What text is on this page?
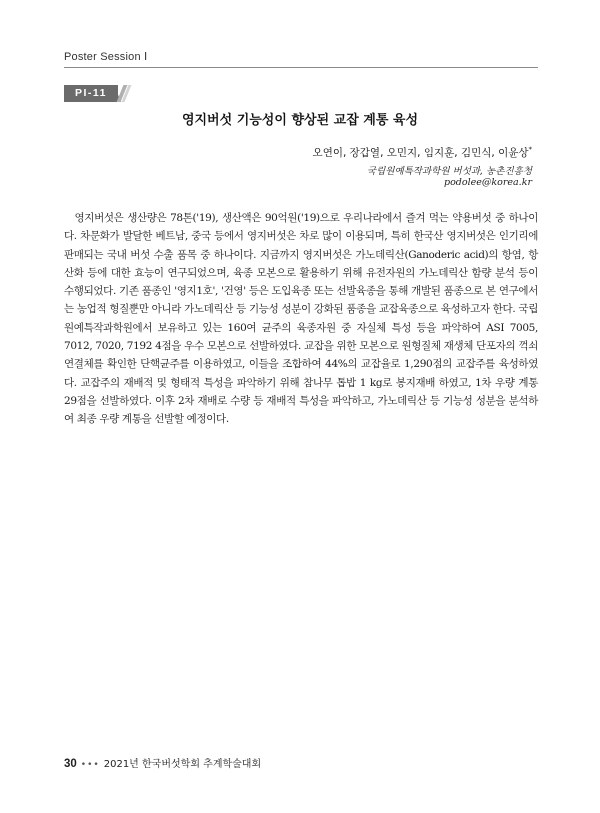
Poster Session Ⅰ
PI-11
영지버섯 기능성이 향상된 교잡 계통 육성
오연이, 장갑열, 오민지, 임지훈, 김민식, 이윤상*
국립원예특작과학원 버섯과, 농촌진흥청
podolee@korea.kr

영지버섯은 생산량은 78톤('19), 생산액은 90억원('19)으로 우리나라에서 즐겨 먹는 약용버섯 중 하나이다. 차문화가 발달한 베트남, 중국 등에서 영지버섯은 차로 많이 이용되며, 특히 한국산 영지버섯은 인기리에 판매되는 국내 버섯 수출 품목 중 하나이다. 지금까지 영지버섯은 가노데릭산(Ganoderic acid)의 항염, 항산화 등에 대한 효능이 연구되었으며, 육종 모본으로 활용하기 위해 유전자원의 가노데릭산 함량 분석 등이 수행되었다. 기존 품종인 '영지1호', '건영' 등은 도입육종 또는 선발육종을 통해 개발된 품종으로 본 연구에서는 농업적 형질뿐만 아니라 가노데릭산 등 기능성 성분이 강화된 품종을 교잡육종으로 육성하고자 한다. 국립원예특작과학원에서 보유하고 있는 160여 균주의 육종자원 중 자실체 특성 등을 파악하여 ASI 7005, 7012, 7020, 7192 4점을 우수 모본으로 선발하였다. 교잡을 위한 모본으로 원형질체 재생체 단포자의 꺽쇠연결체를 확인한 단핵균주를 이용하였고, 이들을 조합하여 44%의 교잡율로 1,290점의 교잡주를 육성하였다. 교잡주의 재배적 및 형태적 특성을 파악하기 위해 참나무 톱밥 1 kg로 봉지재배 하였고, 1차 우량 계통 29점을 선발하였다. 이후 2차 재배로 수량 등 재배적 특성을 파악하고, 가노데릭산 등 기능성 성분을 분석하여 최종 우량 계통을 선발할 예정이다.

30 ••• 2021년 한국버섯학회 추계학술대회
